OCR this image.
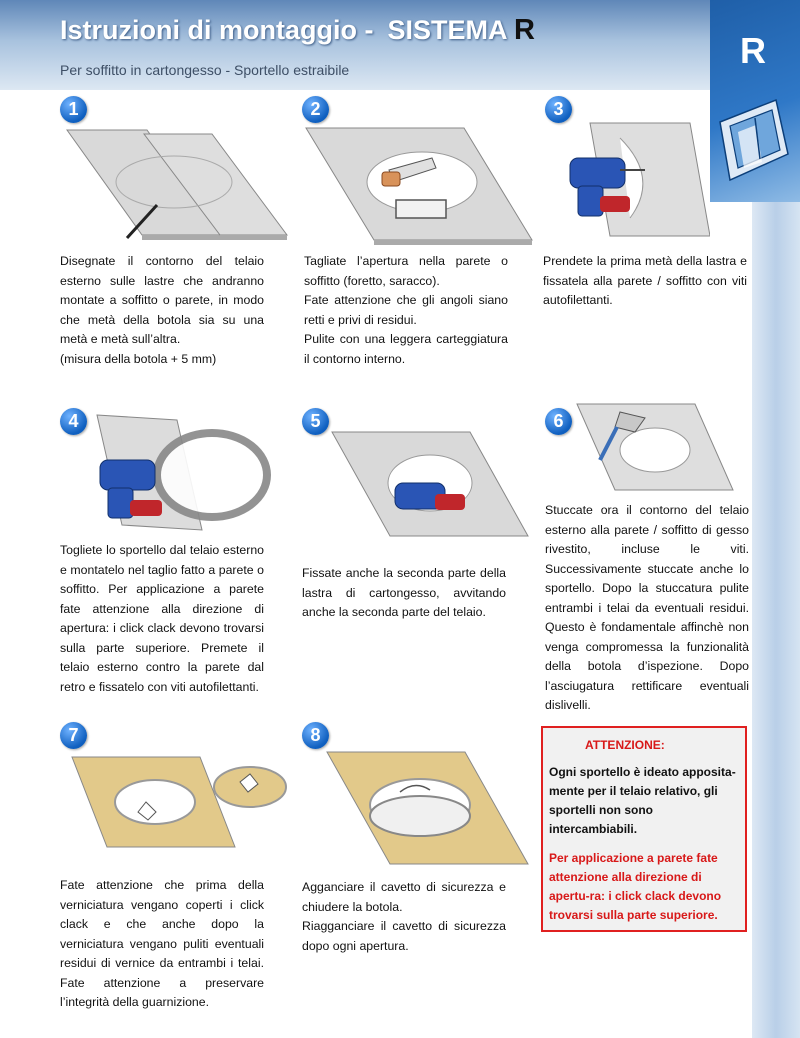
Istruzioni di montaggio - SISTEMA R
Per soffitto in cartongesso - Sportello estraibile	R
1	2	3
4	5	6
7	8

Disegnate il contorno del telaio esterno sulle lastre che andranno montate a soffitto o parete, in modo che metà della botola sia su una metà e metà sull’altra.

(misura della botola + 5 mm)

Tagliate l’apertura nella parete o soffitto (foretto, saracco).

Fate attenzione che gli angoli siano retti e privi di residui.

Pulite con una leggera carteggiatura il contorno interno.

Prendete la prima metà della lastra e fissatela alla parete / soffitto con viti autofilettanti.

Togliete lo sportello dal telaio esterno e montatelo nel taglio fatto a parete o soffitto. Per applicazione a parete fate attenzione alla direzione di apertura: i click clack devono trovarsi sulla parte superiore. Premete il telaio esterno contro la parete dal retro e fissatelo con viti autofilettanti.

Fissate anche la seconda parte della lastra di cartongesso, avvitando anche la seconda parte del telaio.

Stuccate ora il contorno del telaio esterno alla parete / soffitto di gesso rivestito, incluse le viti. Successivamente stuccate anche lo sportello. Dopo la stuccatura pulite entrambi i telai da eventuali residui. Questo è fondamentale affinchè non venga compromessa la funzionalità della botola d’ispezione. Dopo l’asciugatura rettificare eventuali dislivelli.

Fate attenzione che prima della verniciatura vengano coperti i click clack e che anche dopo la verniciatura vengano puliti eventuali residui di vernice da entrambi i telai. Fate attenzione a preservare l’integrità della guarnizione.

Agganciare il cavetto di sicurezza e chiudere la botola.

Riagganciare il cavetto di sicurezza dopo ogni apertura.

ATTENZIONE:
Ogni sportello è ideato apposita-mente per il telaio relativo, gli sportelli non sono intercambiabili.
Per applicazione a parete fate attenzione alla direzione di apertu-ra: i click clack devono trovarsi sulla parte superiore.
